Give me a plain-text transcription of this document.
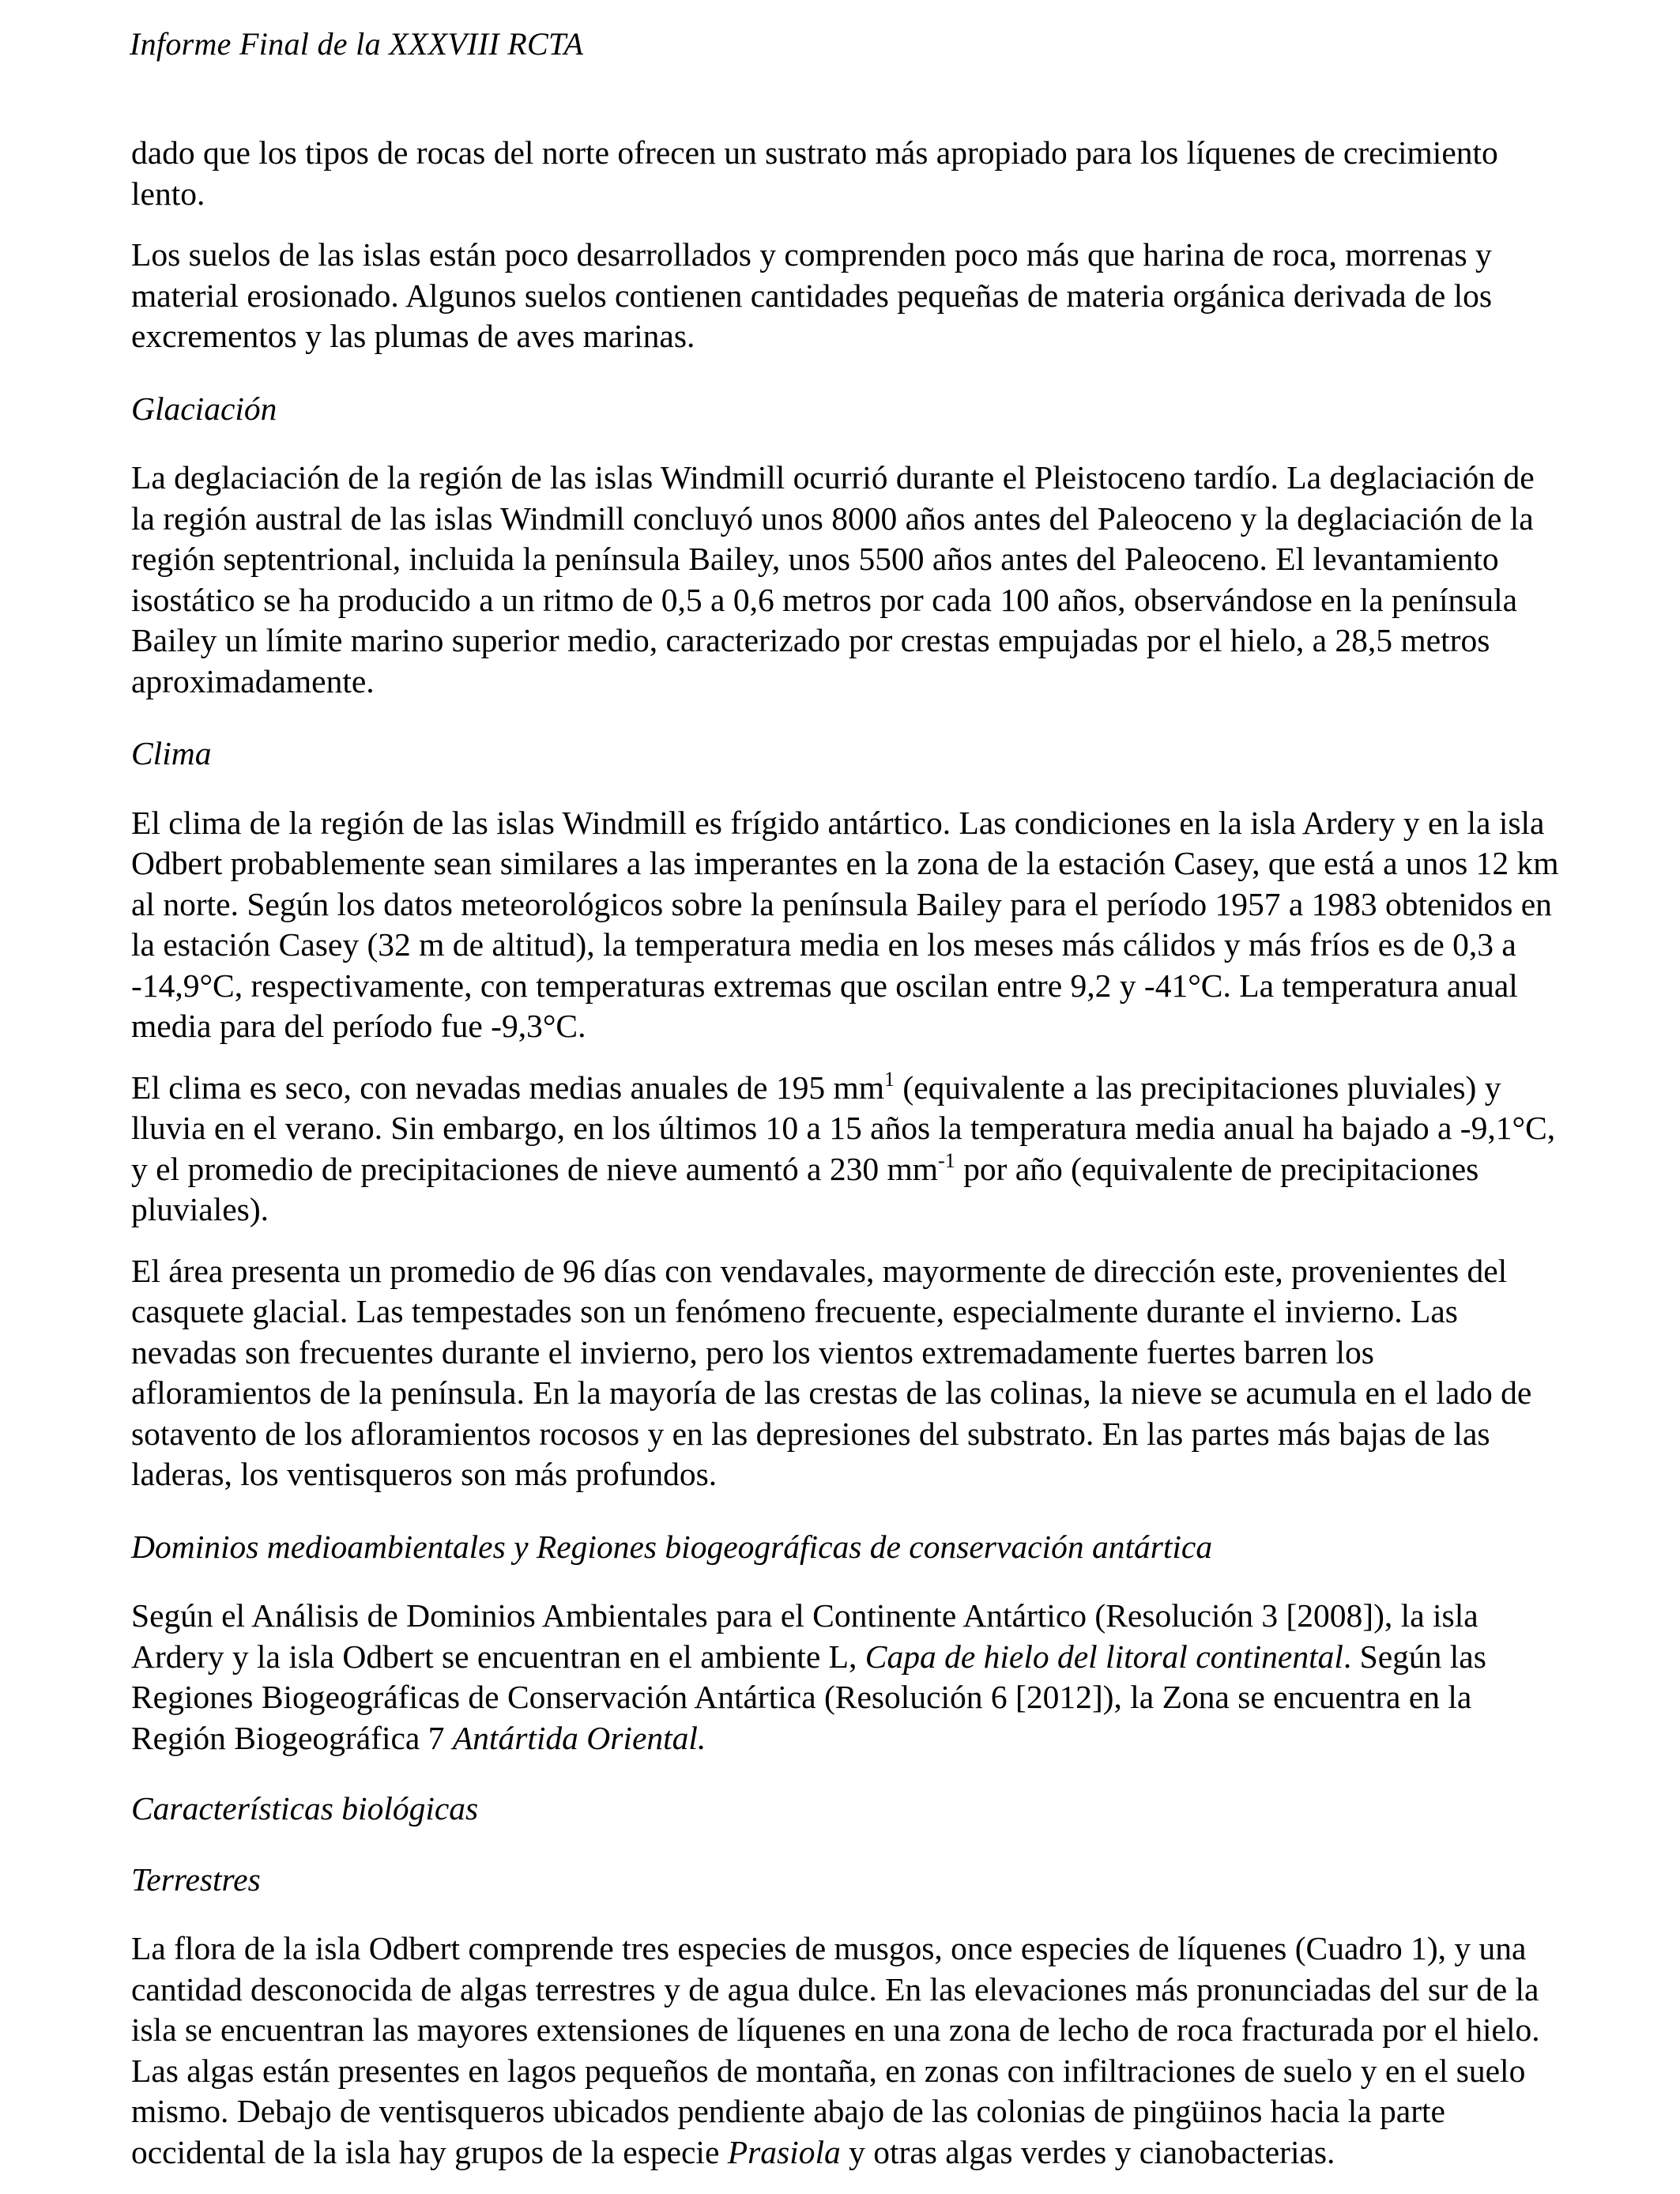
Informe Final de la XXXVIII RCTA

dado que los tipos de rocas del norte ofrecen un sustrato más apropiado para los líquenes de crecimiento lento.

Los suelos de las islas están poco desarrollados y comprenden poco más que harina de roca, morrenas y material erosionado. Algunos suelos contienen cantidades pequeñas de materia orgánica derivada de los excrementos y las plumas de aves marinas.

Glaciación

La deglaciación de la región de las islas Windmill ocurrió durante el Pleistoceno tardío. La deglaciación de la región austral de las islas Windmill concluyó unos 8000 años antes del Paleoceno y la deglaciación de la región septentrional, incluida la península Bailey, unos 5500 años antes del Paleoceno. El levantamiento isostático se ha producido a un ritmo de 0,5 a 0,6 metros por cada 100 años, observándose en la península Bailey un límite marino superior medio, caracterizado por crestas empujadas por el hielo, a 28,5 metros aproximadamente.

Clima

El clima de la región de las islas Windmill es frígido antártico. Las condiciones en la isla Ardery y en la isla Odbert probablemente sean similares a las imperantes en la zona de la estación Casey, que está a unos 12 km al norte. Según los datos meteorológicos sobre la península Bailey para el período 1957 a 1983 obtenidos en la estación Casey (32 m de altitud), la temperatura media en los meses más cálidos y más fríos es de 0,3 a -14,9°C, respectivamente, con temperaturas extremas que oscilan entre 9,2 y -41°C. La temperatura anual media para del período fue -9,3°C.

El clima es seco, con nevadas medias anuales de 195 $mm^1$ (equivalente a las precipitaciones pluviales) y lluvia en el verano. Sin embargo, en los últimos 10 a 15 años la temperatura media anual ha bajado a -9,1°C, y el promedio de precipitaciones de nieve aumentó a 230 $mm^{-1}$ por año (equivalente de precipitaciones pluviales).

El área presenta un promedio de 96 días con vendavales, mayormente de dirección este, provenientes del casquete glacial. Las tempestades son un fenómeno frecuente, especialmente durante el invierno. Las nevadas son frecuentes durante el invierno, pero los vientos extremadamente fuertes barren los afloramientos de la península. En la mayoría de las crestas de las colinas, la nieve se acumula en el lado de sotavento de los afloramientos rocosos y en las depresiones del substrato. En las partes más bajas de las laderas, los ventisqueros son más profundos.

Dominios medioambientales y Regiones biogeográficas de conservación antártica

Según el Análisis de Dominios Ambientales para el Continente Antártico (Resolución 3 [2008]), la isla Ardery y la isla Odbert se encuentran en el ambiente L, Capa de hielo del litoral continental. Según las Regiones Biogeográficas de Conservación Antártica (Resolución 6 [2012]), la Zona se encuentra en la Región Biogeográfica 7 Antártida Oriental.

Características biológicas
Terrestres

La flora de la isla Odbert comprende tres especies de musgos, once especies de líquenes (Cuadro 1), y una cantidad desconocida de algas terrestres y de agua dulce. En las elevaciones más pronunciadas del sur de la isla se encuentran las mayores extensiones de líquenes en una zona de lecho de roca fracturada por el hielo. Las algas están presentes en lagos pequeños de montaña, en zonas con infiltraciones de suelo y en el suelo mismo. Debajo de ventisqueros ubicados pendiente abajo de las colonias de pingüinos hacia la parte occidental de la isla hay grupos de la especie Prasiola y otras algas verdes y cianobacterias.
